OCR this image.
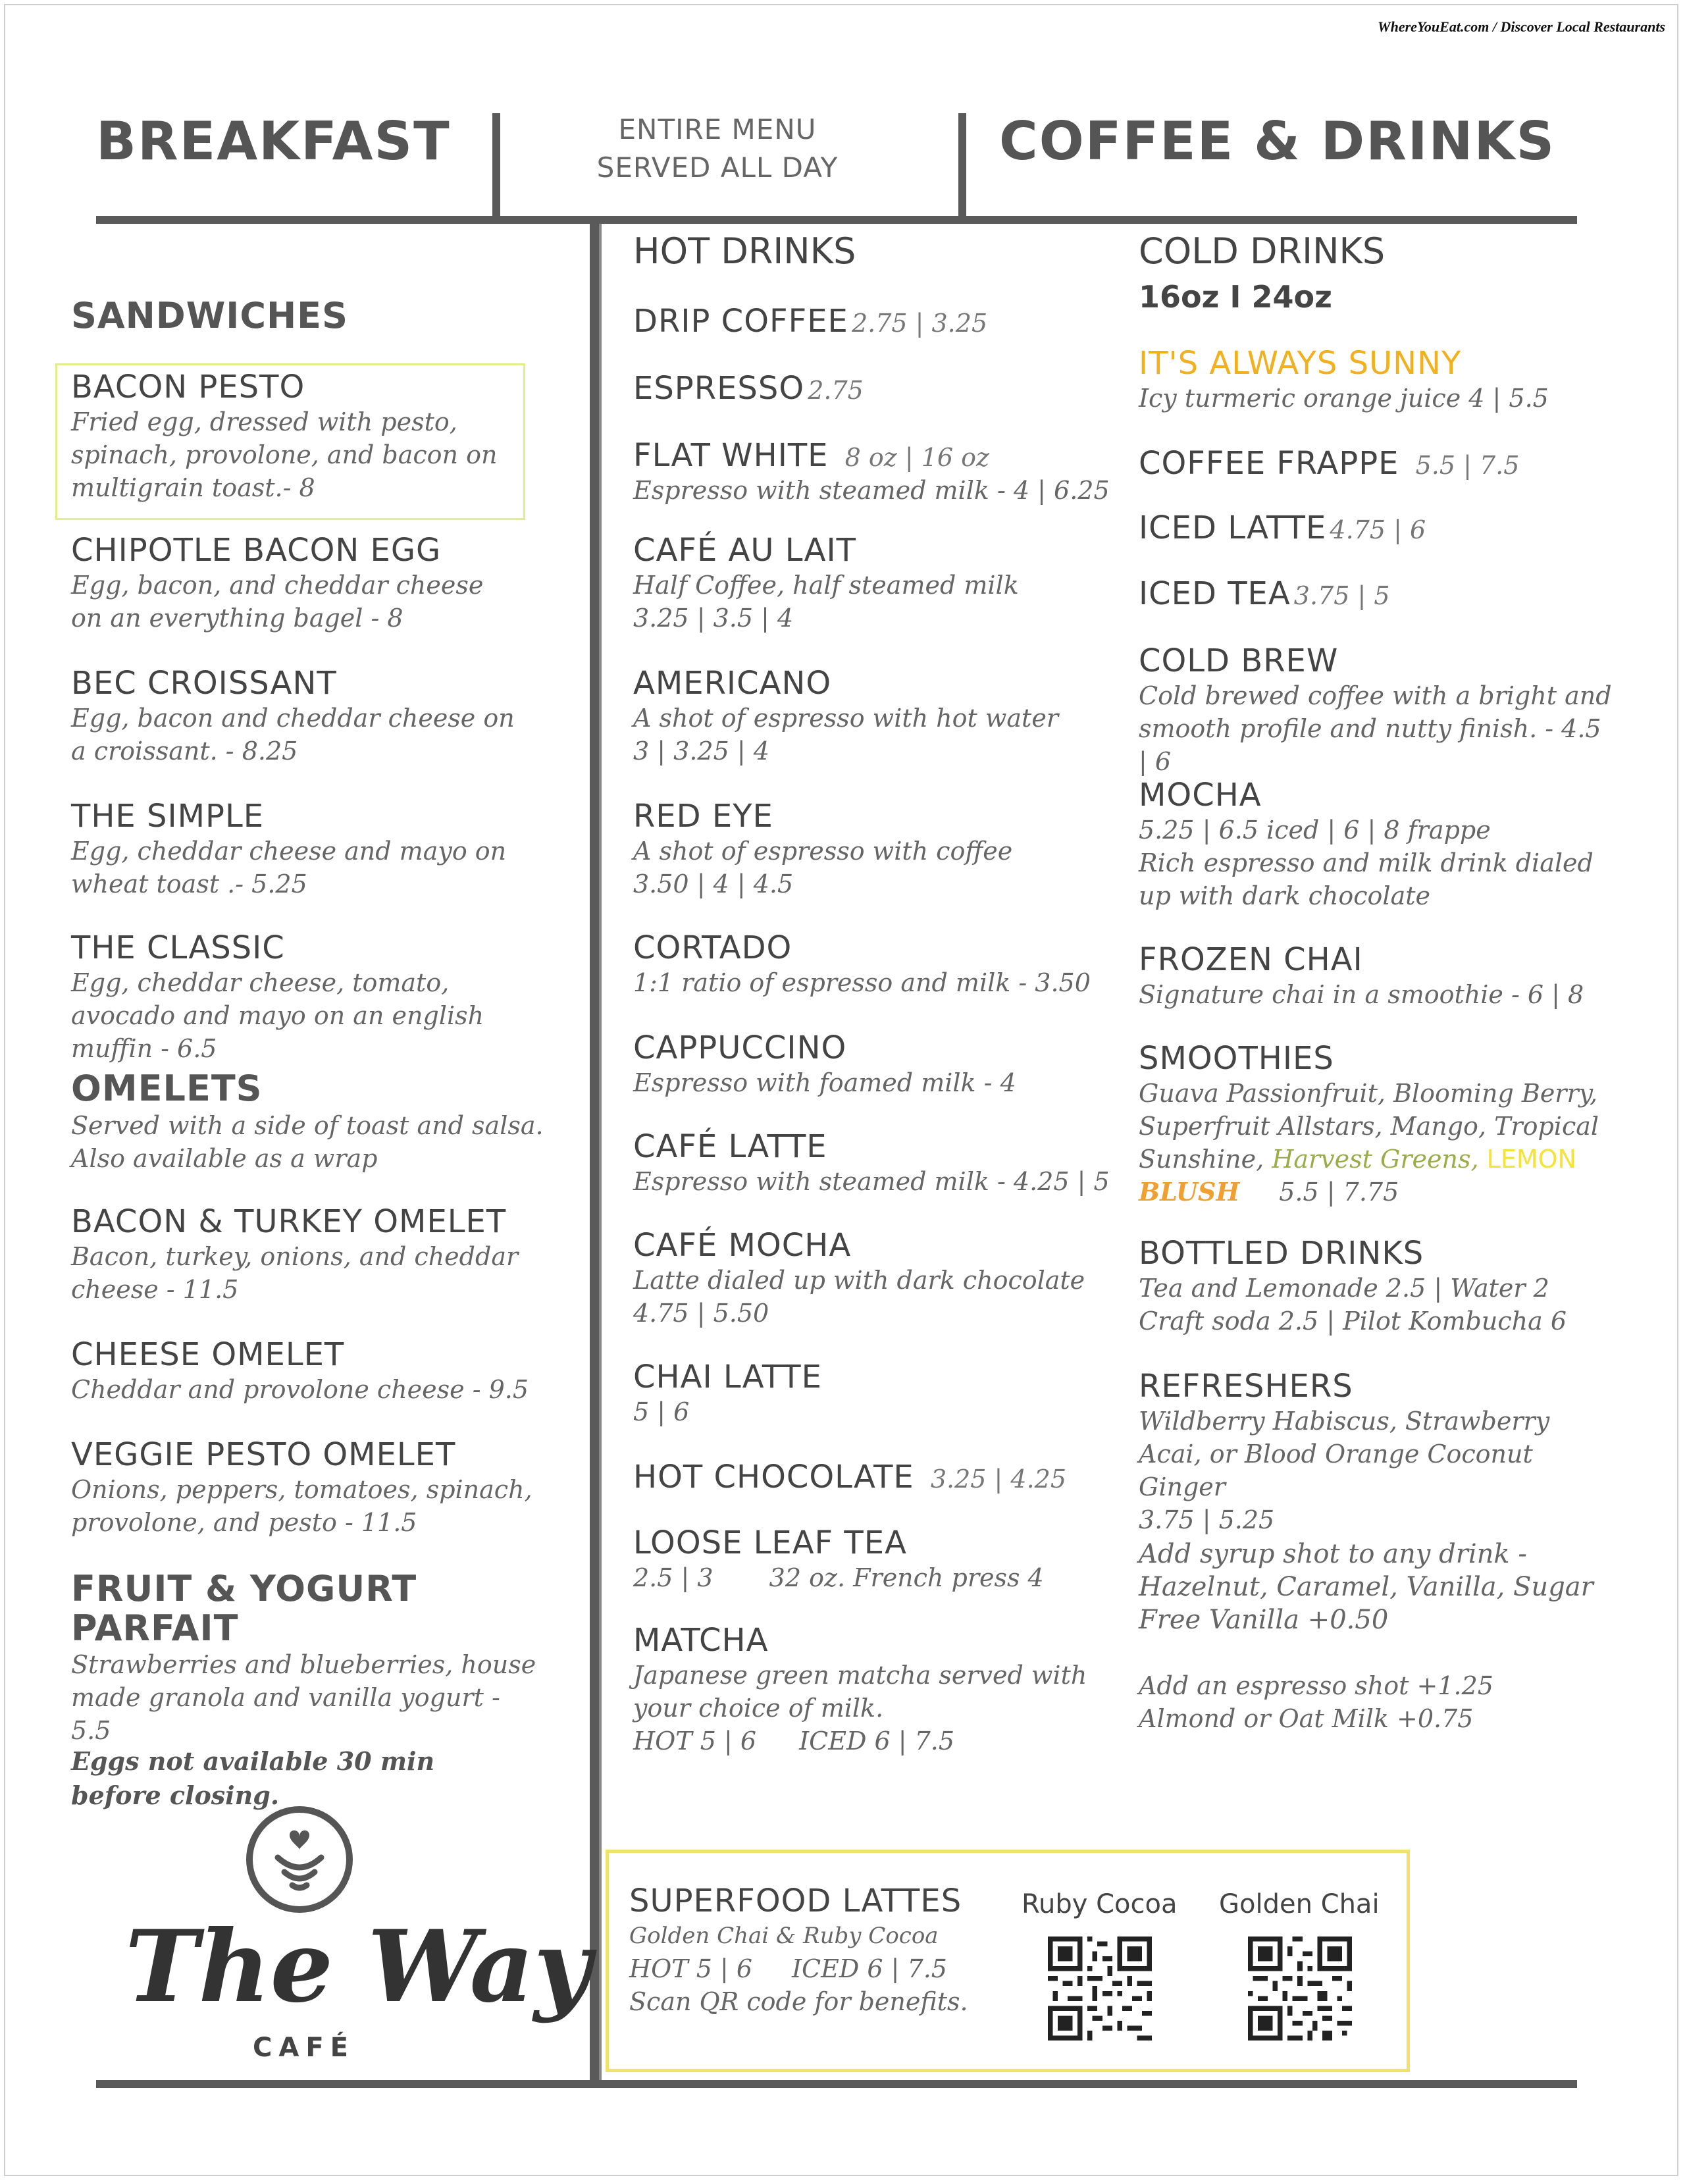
WhereYouEat.com / Discover Local Restaurants
BREAKFAST	ENTIRE MENU
SERVED ALL DAY	COFFEE & DRINKS
SANDWICHES
BACON PESTO
Fried egg, dressed with pesto, spinach, provolone, and bacon on multigrain toast.- 8
CHIPOTLE BACON EGG
Egg, bacon, and cheddar cheese on an everything bagel - 8
BEC CROISSANT
Egg, bacon and cheddar cheese on a croissant. - 8.25
THE SIMPLE
Egg, cheddar cheese and mayo on wheat toast .- 5.25
THE CLASSIC
Egg, cheddar cheese, tomato, avocado and mayo on an english muffin - 6.5
OMELETS
Served with a side of toast and salsa. Also available as a wrap
BACON & TURKEY OMELET
Bacon, turkey, onions, and cheddar cheese - 11.5
CHEESE OMELET
Cheddar and provolone cheese - 9.5
VEGGIE PESTO OMELET
Onions, peppers, tomatoes, spinach, provolone, and pesto - 11.5
FRUIT & YOGURT
PARFAIT
Strawberries and blueberries, house made granola and vanilla yogurt - 5.5
Eggs not available 30 min before closing.
The Way
CAFÉ
HOT DRINKS
DRIP COFFEE 2.75 | 3.25
ESPRESSO 2.75
FLAT WHITE 8 oz | 16 oz
Espresso with steamed milk - 4 | 6.25
CAFÉ AU LAIT
Half Coffee, half steamed milk
3.25 | 3.5 | 4
AMERICANO
A shot of espresso with hot water
3 | 3.25 | 4
RED EYE
A shot of espresso with coffee
3.50 | 4 | 4.5
CORTADO
1:1 ratio of espresso and milk - 3.50
CAPPUCCINO
Espresso with foamed milk - 4
CAFÉ LATTE
Espresso with steamed milk - 4.25 | 5
CAFÉ MOCHA
Latte dialed up with dark chocolate
4.75 | 5.50
CHAI LATTE
5 | 6
HOT CHOCOLATE 3.25 | 4.25
LOOSE LEAF TEA
2.5 | 3 32 oz. French press 4
MATCHA
Japanese green matcha served with your choice of milk.
HOT 5 | 6 ICED 6 | 7.5
COLD DRINKS
16oz I 24oz
IT'S ALWAYS SUNNY
Icy turmeric orange juice 4 | 5.5
COFFEE FRAPPE 5.5 | 7.5
ICED LATTE 4.75 | 6
ICED TEA 3.75 | 5
COLD BREW
Cold brewed coffee with a bright and smooth profile and nutty finish. - 4.5 | 6
MOCHA
5.25 | 6.5 iced | 6 | 8 frappe
Rich espresso and milk drink dialed up with dark chocolate
FROZEN CHAI
Signature chai in a smoothie - 6 | 8
SMOOTHIES
Guava Passionfruit, Blooming Berry, Superfruit Allstars, Mango, Tropical Sunshine, Harvest Greens, LEMON
BLUSH 5.5 | 7.75
BOTTLED DRINKS
Tea and Lemonade 2.5 | Water 2
Craft soda 2.5 | Pilot Kombucha 6
REFRESHERS
Wildberry Habiscus, Strawberry Acai, or Blood Orange Coconut Ginger
3.75 | 5.25
Add syrup shot to any drink -
Hazelnut, Caramel, Vanilla, Sugar
Free Vanilla +0.50
Add an espresso shot +1.25
Almond or Oat Milk +0.75
SUPERFOOD LATTES
Golden Chai & Ruby Cocoa
HOT 5 | 6 ICED 6 | 7.5
Scan QR code for benefits.
Ruby Cocoa Golden Chai
